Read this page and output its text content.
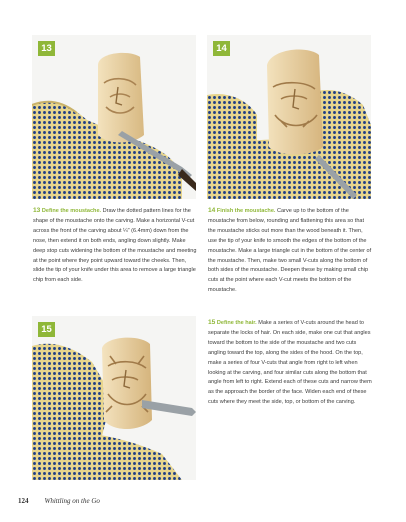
13	14

13 Define the moustache. Draw the dotted pattern lines for the shape of the moustache onto the carving. Make a horizontal V-cut across the front of the carving about ¼" (6.4mm) down from the nose, then extend it on both ends, angling down slightly. Make deep stop cuts widening the bottom of the moustache and meeting at the point where they point upward toward the cheeks. Then, slide the tip of your knife under this area to remove a large triangle chip from each side.

14 Finish the moustache. Carve up to the bottom of the moustache from below, rounding and flattening this area so that the moustache sticks out more than the wood beneath it. Then, use the tip of your knife to smooth the edges of the bottom of the moustache. Make a large triangle cut in the bottom of the center of the moustache. Then, make two small V-cuts along the bottom of both sides of the moustache. Deepen these by making small chip cuts at the point where each V-cut meets the bottom of the moustache.

15

15 Define the hair. Make a series of V-cuts around the head to separate the locks of hair. On each side, make one cut that angles toward the bottom to the side of the moustache and two cuts angling toward the top, along the sides of the hood. On the top, make a series of four V-cuts that angle from right to left when looking at the carving, and four similar cuts along the bottom that angle from left to right. Extend each of these cuts and narrow them as the approach the border of the face. Widen each end of these cuts where they meet the side, top, or bottom of the carving.

124 Whittling on the Go
